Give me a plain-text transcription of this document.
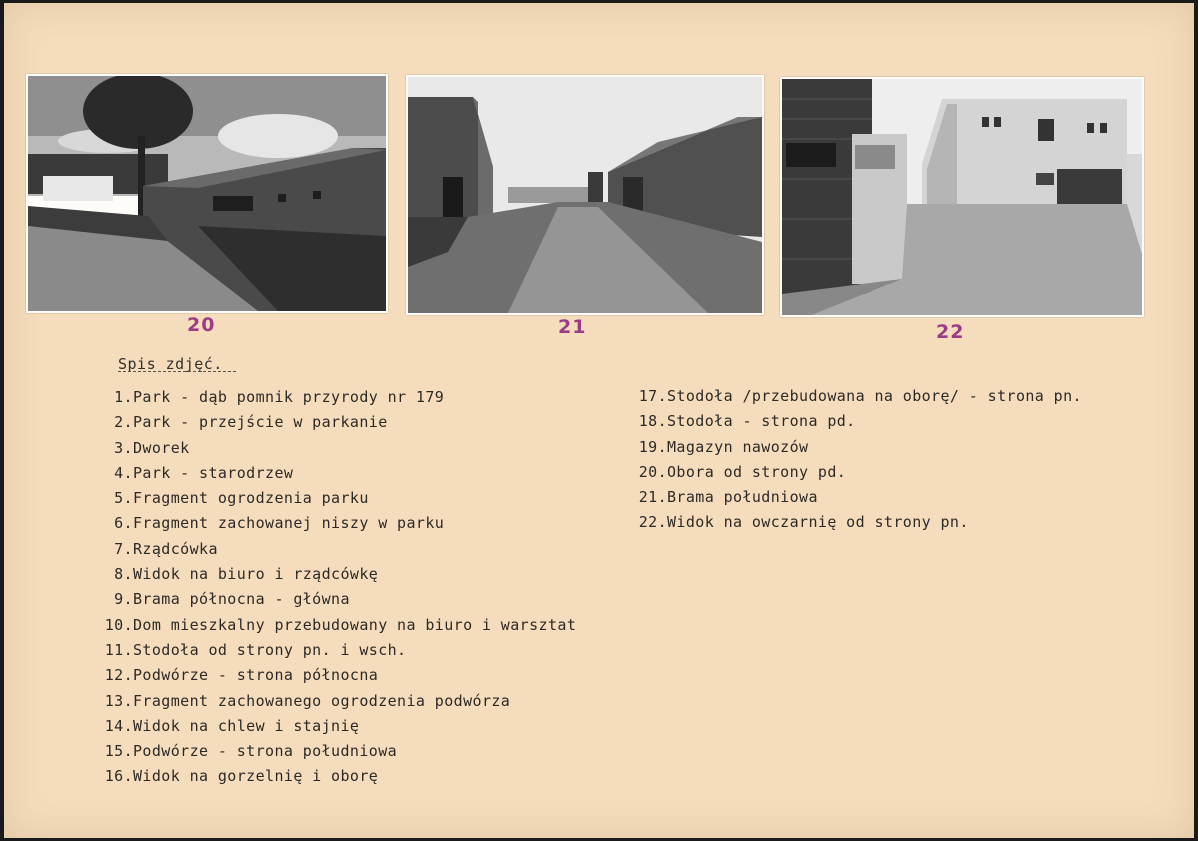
20	21	22
Spis zdjęć.
1.Park - dąb pomnik przyrody nr 179
2.Park - przejście w parkanie
3.Dworek
4.Park - starodrzew
5.Fragment ogrodzenia parku
6.Fragment zachowanej niszy w parku
7.Rządcówka
8.Widok na biuro i rządcówkę
9.Brama północna - główna
10.Dom mieszkalny przebudowany na biuro i warsztat
11.Stodoła od strony pn. i wsch.
12.Podwórze - strona północna
13.Fragment zachowanego ogrodzenia podwórza
14.Widok na chlew i stajnię
15.Podwórze - strona południowa
16.Widok na gorzelnię i oborę
17.Stodoła /przebudowana na oborę/ - strona pn.
18.Stodoła - strona pd.
19.Magazyn nawozów
20.Obora od strony pd.
21.Brama południowa
22.Widok na owczarnię od strony pn.
